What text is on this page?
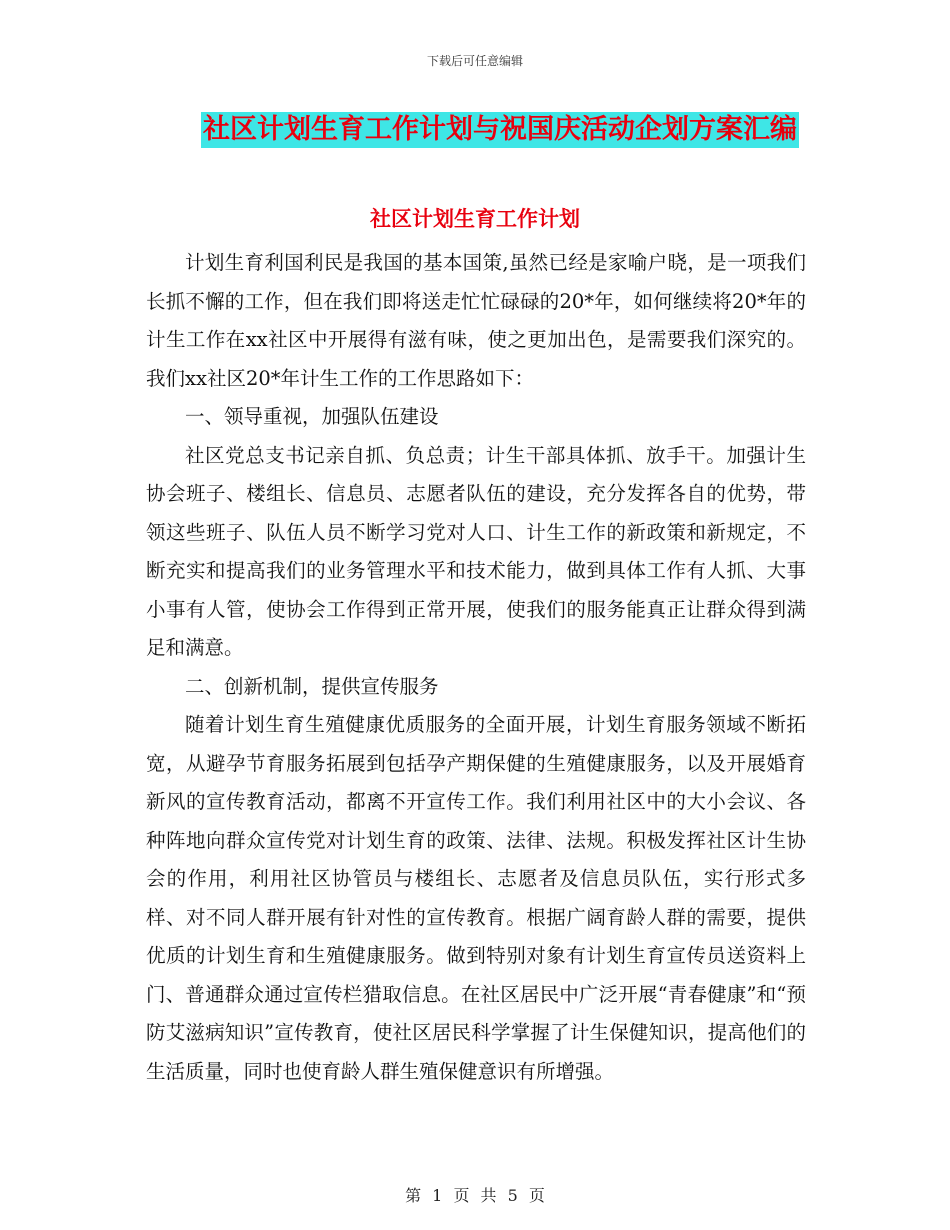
下载后可任意编辑
社区计划生育工作计划与祝国庆活动企划方案汇编
社区计划生育工作计划

计划生育利国利民是我国的基本国策,虽然已经是家喻户晓，是一项我们长抓不懈的工作，但在我们即将送走忙忙碌碌的20*年，如何继续将20*年的计生工作在xx社区中开展得有滋有味，使之更加出色，是需要我们深究的。我们xx社区20*年计生工作的工作思路如下：

一、领导重视，加强队伍建设

社区党总支书记亲自抓、负总责；计生干部具体抓、放手干。加强计生协会班子、楼组长、信息员、志愿者队伍的建设，充分发挥各自的优势，带领这些班子、队伍人员不断学习党对人口、计生工作的新政策和新规定，不断充实和提高我们的业务管理水平和技术能力，做到具体工作有人抓、大事小事有人管，使协会工作得到正常开展，使我们的服务能真正让群众得到满足和满意。

二、创新机制，提供宣传服务

随着计划生育生殖健康优质服务的全面开展，计划生育服务领域不断拓宽，从避孕节育服务拓展到包括孕产期保健的生殖健康服务，以及开展婚育新风的宣传教育活动，都离不开宣传工作。我们利用社区中的大小会议、各种阵地向群众宣传党对计划生育的政策、法律、法规。积极发挥社区计生协会的作用，利用社区协管员与楼组长、志愿者及信息员队伍，实行形式多样、对不同人群开展有针对性的宣传教育。根据广阔育龄人群的需要，提供优质的计划生育和生殖健康服务。做到特别对象有计划生育宣传员送资料上门、普通群众通过宣传栏猎取信息。在社区居民中广泛开展“青春健康”和“预防艾滋病知识”宣传教育，使社区居民科学掌握了计生保健知识，提高他们的生活质量，同时也使育龄人群生殖保健意识有所增强。

第 1 页 共 5 页
